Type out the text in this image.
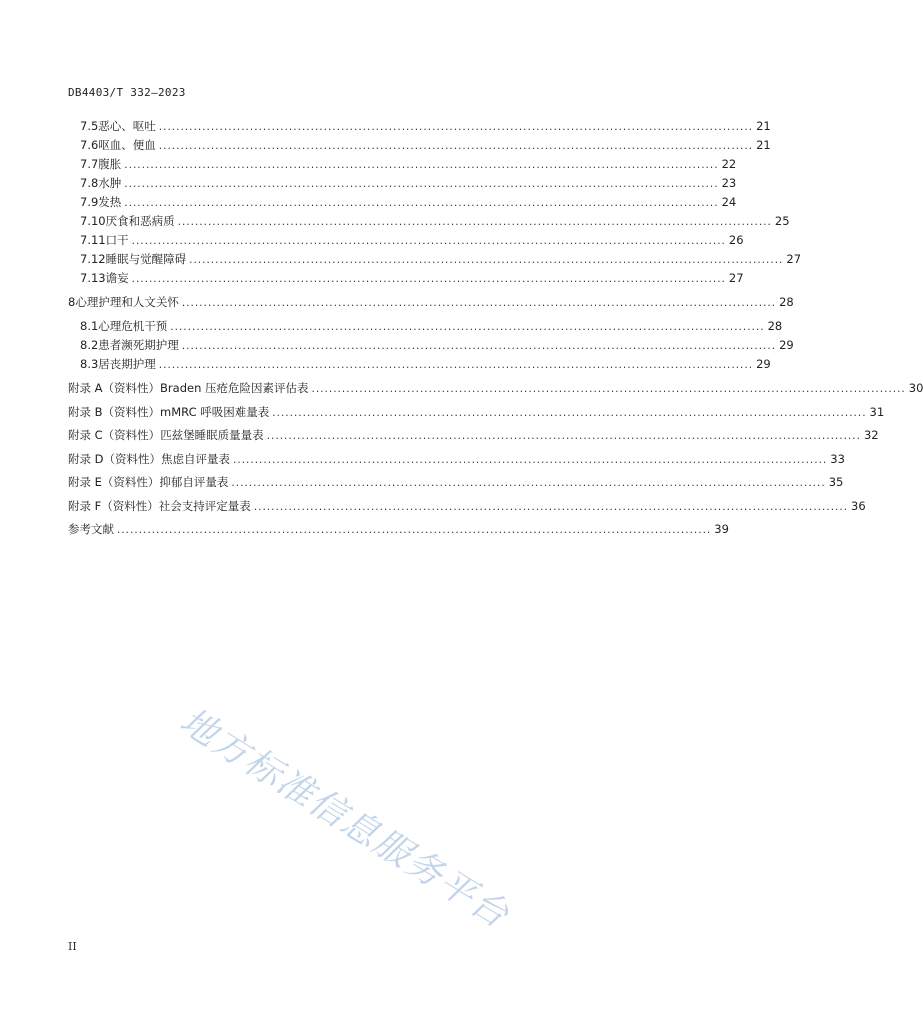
DB4403/T 332—2023
7.5 恶心、呕吐 ......................................................................................................................................... 21
7.6 呕血、便血 ......................................................................................................................................... 21
7.7 腹胀 ......................................................................................................................................... 22
7.8 水肿 ......................................................................................................................................... 23
7.9 发热 ......................................................................................................................................... 24
7.10 厌食和恶病质 ......................................................................................................................................... 25
7.11 口干 ......................................................................................................................................... 26
7.12 睡眠与觉醒障碍 ......................................................................................................................................... 27
7.13 谵妄 ......................................................................................................................................... 27
8 心理护理和人文关怀 ......................................................................................................................................... 28
8.1 心理危机干预 ......................................................................................................................................... 28
8.2 患者濒死期护理 ......................................................................................................................................... 29
8.3 居丧期护理 ......................................................................................................................................... 29
附录 A（资料性） Braden 压疮危险因素评估表 ......................................................................................................................................... 30
附录 B（资料性） mMRC 呼吸困难量表 ......................................................................................................................................... 31
附录 C（资料性） 匹兹堡睡眠质量量表 ......................................................................................................................................... 32
附录 D（资料性） 焦虑自评量表 ......................................................................................................................................... 33
附录 E（资料性） 抑郁自评量表 ......................................................................................................................................... 35
附录 F（资料性） 社会支持评定量表 ......................................................................................................................................... 36
参考文献 ......................................................................................................................................... 39
地方标准信息服务平台
II
